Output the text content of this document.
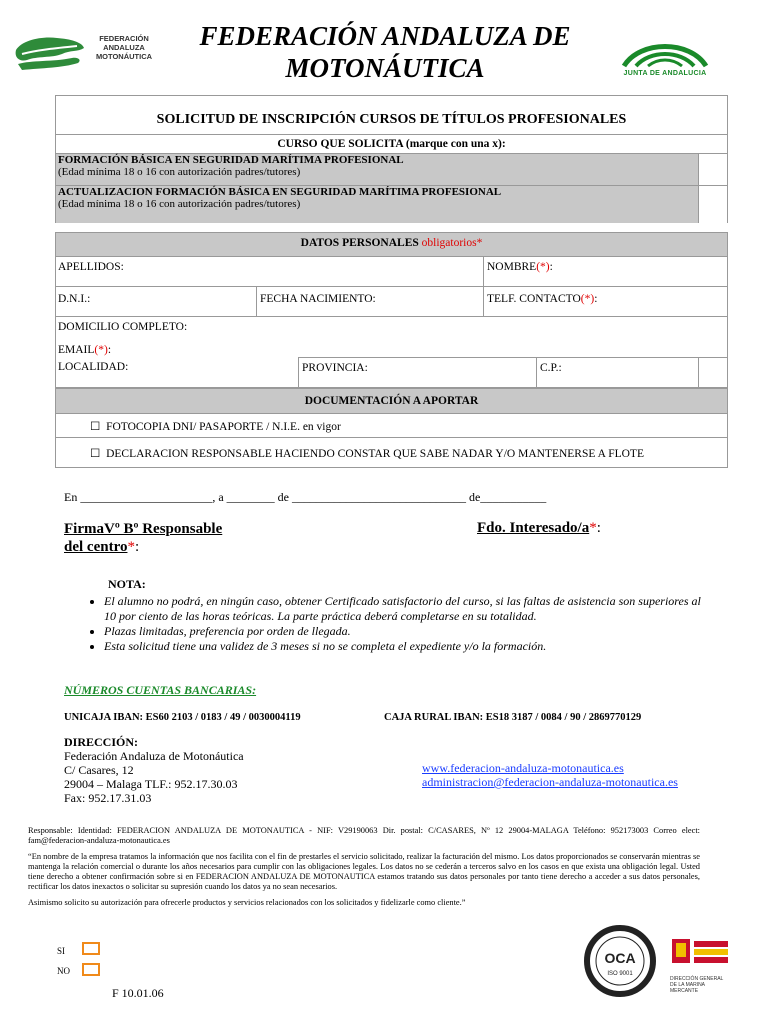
FEDERACIÓN ANDALUZA MOTONÁUTICA
FEDERACIÓN ANDALUZA DE MOTONÁUTICA	JUNTA DE ANDALUCIA
SOLICITUD DE INSCRIPCIÓN CURSOS DE TÍTULOS PROFESIONALES
CURSO QUE SOLICITA (marque con una x):
FORMACIÓN BÁSICA EN SEGURIDAD MARÍTIMA PROFESIONAL
(Edad mínima 18 o 16 con autorización padres/tutores)
ACTUALIZACION FORMACIÓN BÁSICA EN SEGURIDAD MARÍTIMA PROFESIONAL
(Edad mínima 18 o 16 con autorización padres/tutores)
DATOS PERSONALES obligatorios*
APELLIDOS:	NOMBRE(*):
D.N.I.:	FECHA NACIMIENTO:	TELF. CONTACTO(*):
DOMICILIO COMPLETO:
EMAIL(*):
LOCALIDAD:	PROVINCIA:	C.P.:
DOCUMENTACIÓN A APORTAR
☐ FOTOCOPIA DNI/ PASAPORTE / N.I.E. en vigor
☐ DECLARACION RESPONSABLE HACIENDO CONSTAR QUE SABE NADAR Y/O MANTENERSE A FLOTE
En ______________________, a ________ de _____________________________ de___________
FirmaVº Bº Responsable
del centro*:
Fdo. Interesado/a*:
NOTA:
• El alumno no podrá, en ningún caso, obtener Certificado satisfactorio del curso, si las faltas de asistencia son superiores al 10 por ciento de las horas teóricas. La parte práctica deberá completarse en su totalidad.
• Plazas limitadas, preferencia por orden de llegada.
• Esta solicitud tiene una validez de 3 meses si no se completa el expediente y/o la formación.
NÚMEROS CUENTAS BANCARIAS:
UNICAJA IBAN: ES60 2103 / 0183 / 49 / 0030004119	CAJA RURAL IBAN: ES18 3187 / 0084 / 90 / 2869770129
DIRECCIÓN:
Federación Andaluza de Motonáutica
C/ Casares, 12
29004 – Malaga TLF.: 952.17.30.03
Fax: 952.17.31.03
www.federacion-andaluza-motonautica.es
administracion@federacion-andaluza-motonautica.es

Responsable: Identidad: FEDERACION ANDALUZA DE MOTONAUTICA - NIF: V29190063 Dir. postal: C/CASARES, Nº 12 29004-MALAGA Teléfono: 952173003 Correo elect: fam@federacion-andaluza-motonautica.es

“En nombre de la empresa tratamos la información que nos facilita con el fin de prestarles el servicio solicitado, realizar la facturación del mismo. Los datos proporcionados se conservarán mientras se mantenga la relación comercial o durante los años necesarios para cumplir con las obligaciones legales. Los datos no se cederán a terceros salvo en los casos en que exista una obligación legal. Usted tiene derecho a obtener confirmación sobre si en FEDERACION ANDALUZA DE MOTONAUTICA estamos tratando sus datos personales por tanto tiene derecho a acceder a sus datos personales, rectificar los datos inexactos o solicitar su supresión cuando los datos ya no sean necesarios.

Asimismo solicito su autorización para ofrecerle productos y servicios relacionados con los solicitados y fidelizarle como cliente.”

SI
NO
F 10.01.06
OCA
ISO 9001
DIRECCIÓN GENERAL DE LA MARINA MERCANTE
